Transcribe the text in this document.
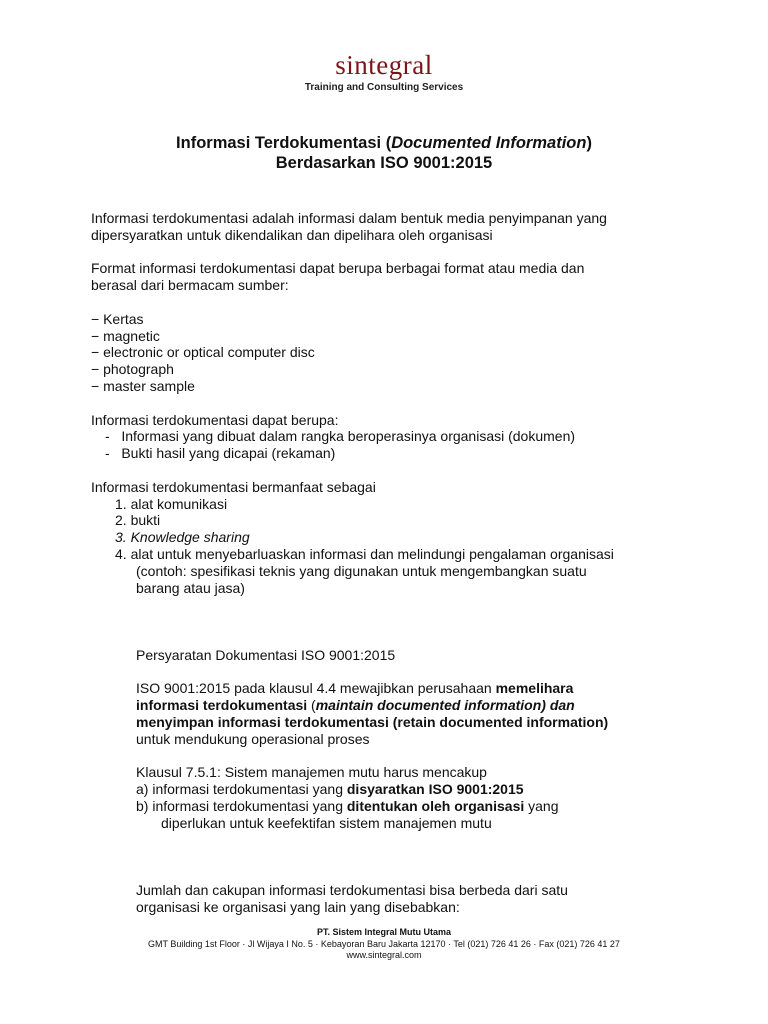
sintegral
Training and Consulting Services
Informasi Terdokumentasi (Documented Information)
Berdasarkan ISO 9001:2015
Informasi terdokumentasi adalah informasi dalam bentuk media penyimpanan yang
dipersyaratkan untuk dikendalikan dan dipelihara oleh organisasi
Format informasi terdokumentasi dapat berupa berbagai format atau media dan
berasal dari bermacam sumber:
− Kertas
− magnetic
− electronic or optical computer disc
− photograph
− master sample
Informasi terdokumentasi dapat berupa:
-   Informasi yang dibuat dalam rangka beroperasinya organisasi (dokumen)
-   Bukti hasil yang dicapai (rekaman)
Informasi terdokumentasi bermanfaat sebagai
1. alat komunikasi
2. bukti
3. Knowledge sharing
4. alat untuk menyebarluaskan informasi dan melindungi pengalaman organisasi
(contoh: spesifikasi teknis yang digunakan untuk mengembangkan suatu
barang atau jasa)
Persyaratan Dokumentasi ISO 9001:2015
ISO 9001:2015 pada klausul 4.4 mewajibkan perusahaan memelihara
informasi terdokumentasi (maintain documented information) dan
menyimpan informasi terdokumentasi (retain documented information)
untuk mendukung operasional proses
Klausul 7.5.1: Sistem manajemen mutu harus mencakup
a) informasi terdokumentasi yang disyaratkan ISO 9001:2015
b) informasi terdokumentasi yang ditentukan oleh organisasi yang
diperlukan untuk keefektifan sistem manajemen mutu
Jumlah dan cakupan informasi terdokumentasi bisa berbeda dari satu
organisasi ke organisasi yang lain yang disebabkan:
PT. Sistem Integral Mutu Utama
GMT Building 1st Floor · Jl Wijaya I No. 5 · Kebayoran Baru Jakarta 12170 · Tel (021) 726 41 26 · Fax (021) 726 41 27
www.sintegral.com
